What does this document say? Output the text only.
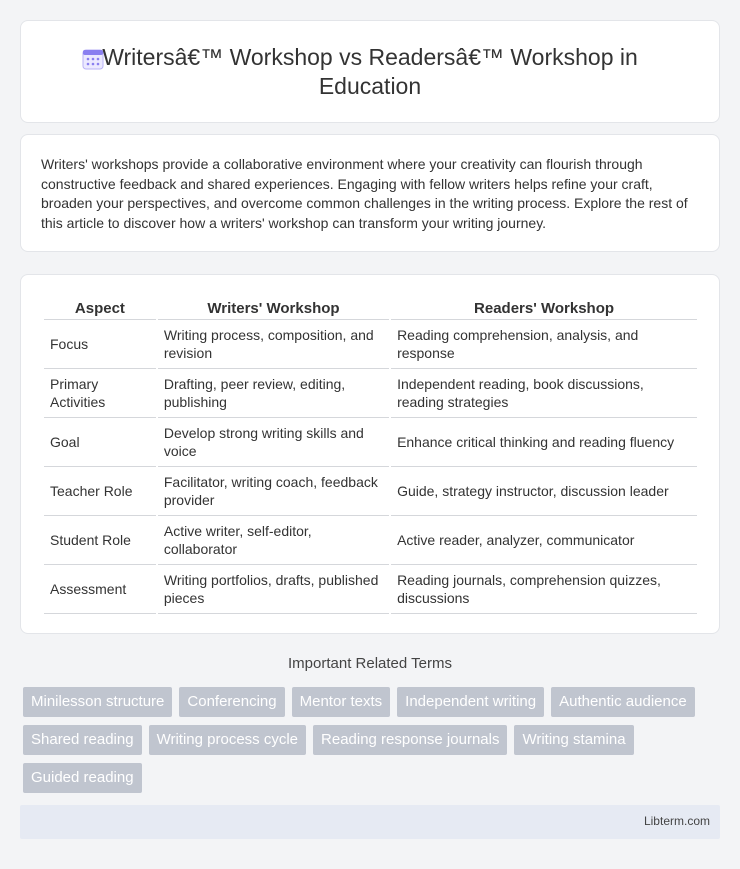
Writersâ€™ Workshop vs Readersâ€™ Workshop in Education

Writers' workshops provide a collaborative environment where your creativity can flourish through constructive feedback and shared experiences. Engaging with fellow writers helps refine your craft, broaden your perspectives, and overcome common challenges in the writing process. Explore the rest of this article to discover how a writers' workshop can transform your writing journey.

Aspect	Writers' Workshop	Readers' Workshop
Focus	Writing process, composition, and revision	Reading comprehension, analysis, and response
Primary Activities	Drafting, peer review, editing, publishing	Independent reading, book discussions, reading strategies
Goal	Develop strong writing skills and voice	Enhance critical thinking and reading fluency
Teacher Role	Facilitator, writing coach, feedback provider	Guide, strategy instructor, discussion leader
Student Role	Active writer, self-editor, collaborator	Active reader, analyzer, communicator
Assessment	Writing portfolios, drafts, published pieces	Reading journals, comprehension quizzes, discussions
Important Related Terms
Minilesson structure	Conferencing	Mentor texts	Independent writing	Authentic audience
Shared reading	Writing process cycle	Reading response journals	Writing stamina
Guided reading
Libterm.com
